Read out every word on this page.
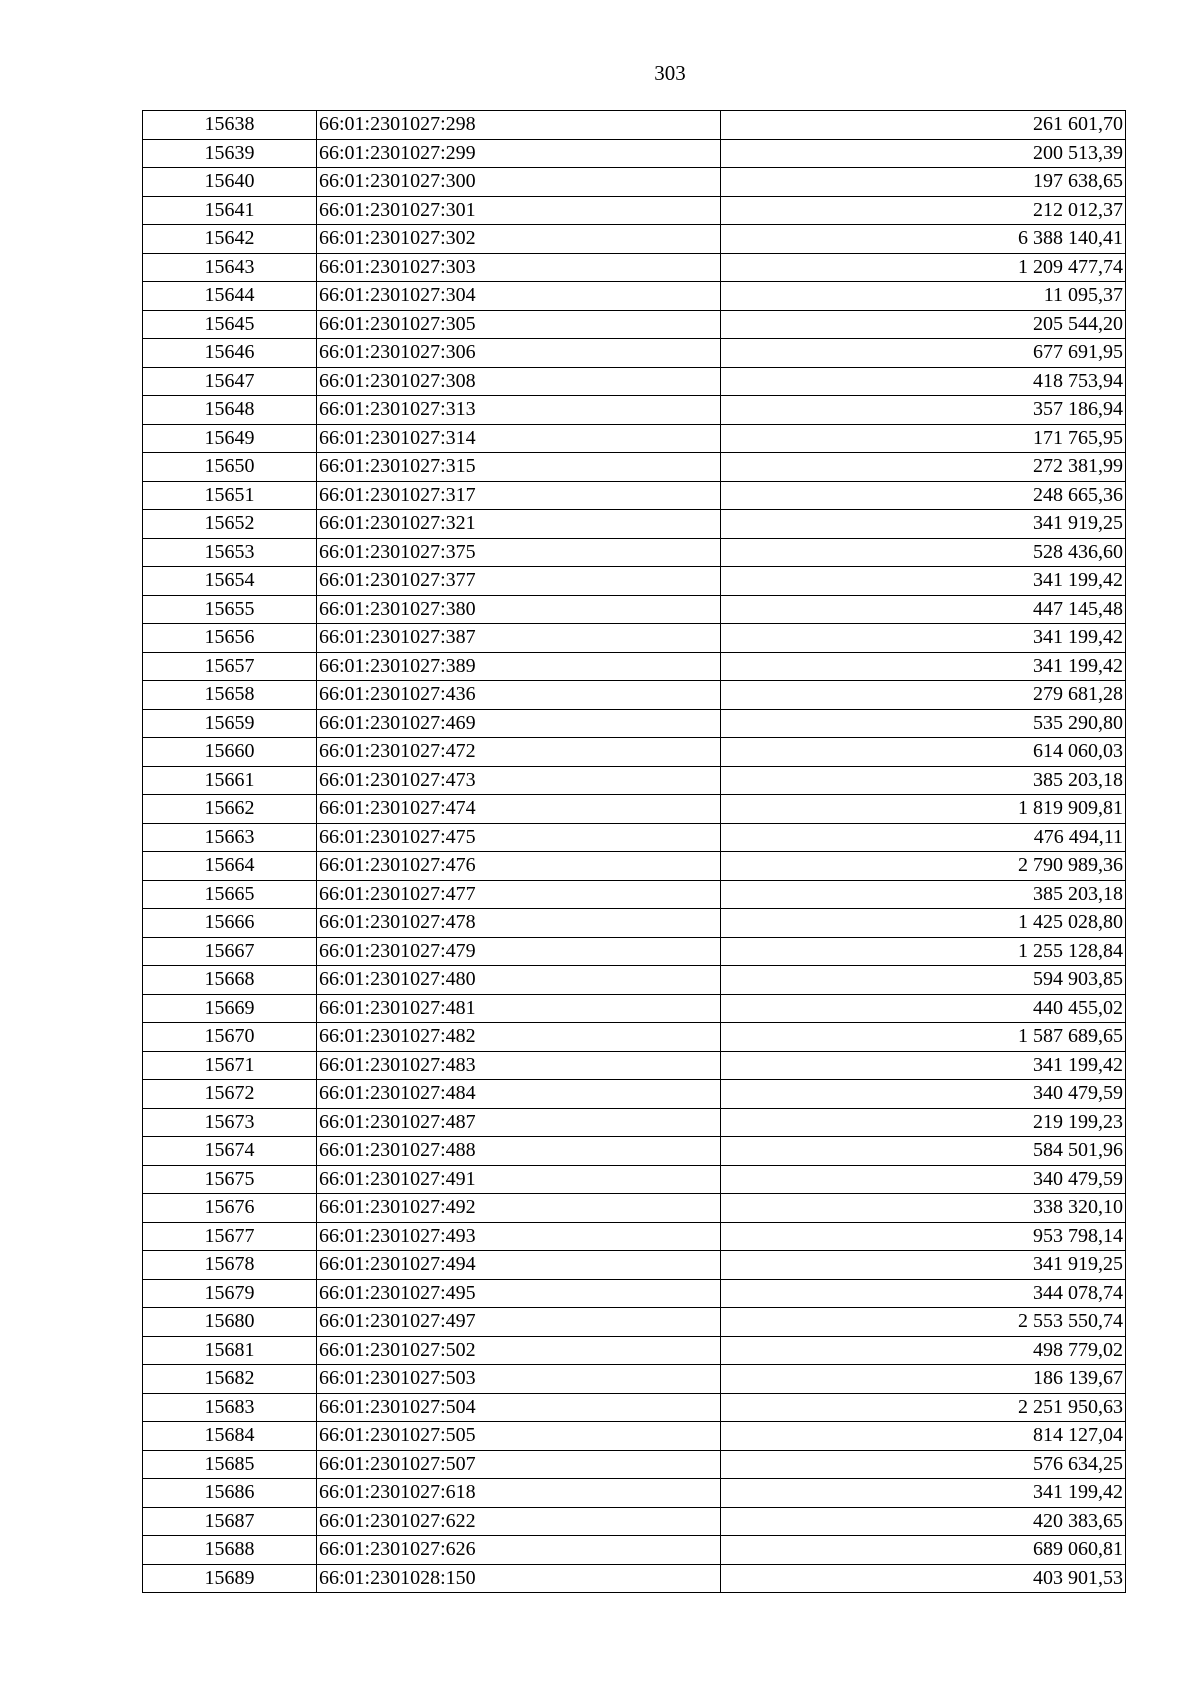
303
15638	66:01:2301027:298	261 601,70
15639	66:01:2301027:299	200 513,39
15640	66:01:2301027:300	197 638,65
15641	66:01:2301027:301	212 012,37
15642	66:01:2301027:302	6 388 140,41
15643	66:01:2301027:303	1 209 477,74
15644	66:01:2301027:304	11 095,37
15645	66:01:2301027:305	205 544,20
15646	66:01:2301027:306	677 691,95
15647	66:01:2301027:308	418 753,94
15648	66:01:2301027:313	357 186,94
15649	66:01:2301027:314	171 765,95
15650	66:01:2301027:315	272 381,99
15651	66:01:2301027:317	248 665,36
15652	66:01:2301027:321	341 919,25
15653	66:01:2301027:375	528 436,60
15654	66:01:2301027:377	341 199,42
15655	66:01:2301027:380	447 145,48
15656	66:01:2301027:387	341 199,42
15657	66:01:2301027:389	341 199,42
15658	66:01:2301027:436	279 681,28
15659	66:01:2301027:469	535 290,80
15660	66:01:2301027:472	614 060,03
15661	66:01:2301027:473	385 203,18
15662	66:01:2301027:474	1 819 909,81
15663	66:01:2301027:475	476 494,11
15664	66:01:2301027:476	2 790 989,36
15665	66:01:2301027:477	385 203,18
15666	66:01:2301027:478	1 425 028,80
15667	66:01:2301027:479	1 255 128,84
15668	66:01:2301027:480	594 903,85
15669	66:01:2301027:481	440 455,02
15670	66:01:2301027:482	1 587 689,65
15671	66:01:2301027:483	341 199,42
15672	66:01:2301027:484	340 479,59
15673	66:01:2301027:487	219 199,23
15674	66:01:2301027:488	584 501,96
15675	66:01:2301027:491	340 479,59
15676	66:01:2301027:492	338 320,10
15677	66:01:2301027:493	953 798,14
15678	66:01:2301027:494	341 919,25
15679	66:01:2301027:495	344 078,74
15680	66:01:2301027:497	2 553 550,74
15681	66:01:2301027:502	498 779,02
15682	66:01:2301027:503	186 139,67
15683	66:01:2301027:504	2 251 950,63
15684	66:01:2301027:505	814 127,04
15685	66:01:2301027:507	576 634,25
15686	66:01:2301027:618	341 199,42
15687	66:01:2301027:622	420 383,65
15688	66:01:2301027:626	689 060,81
15689	66:01:2301028:150	403 901,53
